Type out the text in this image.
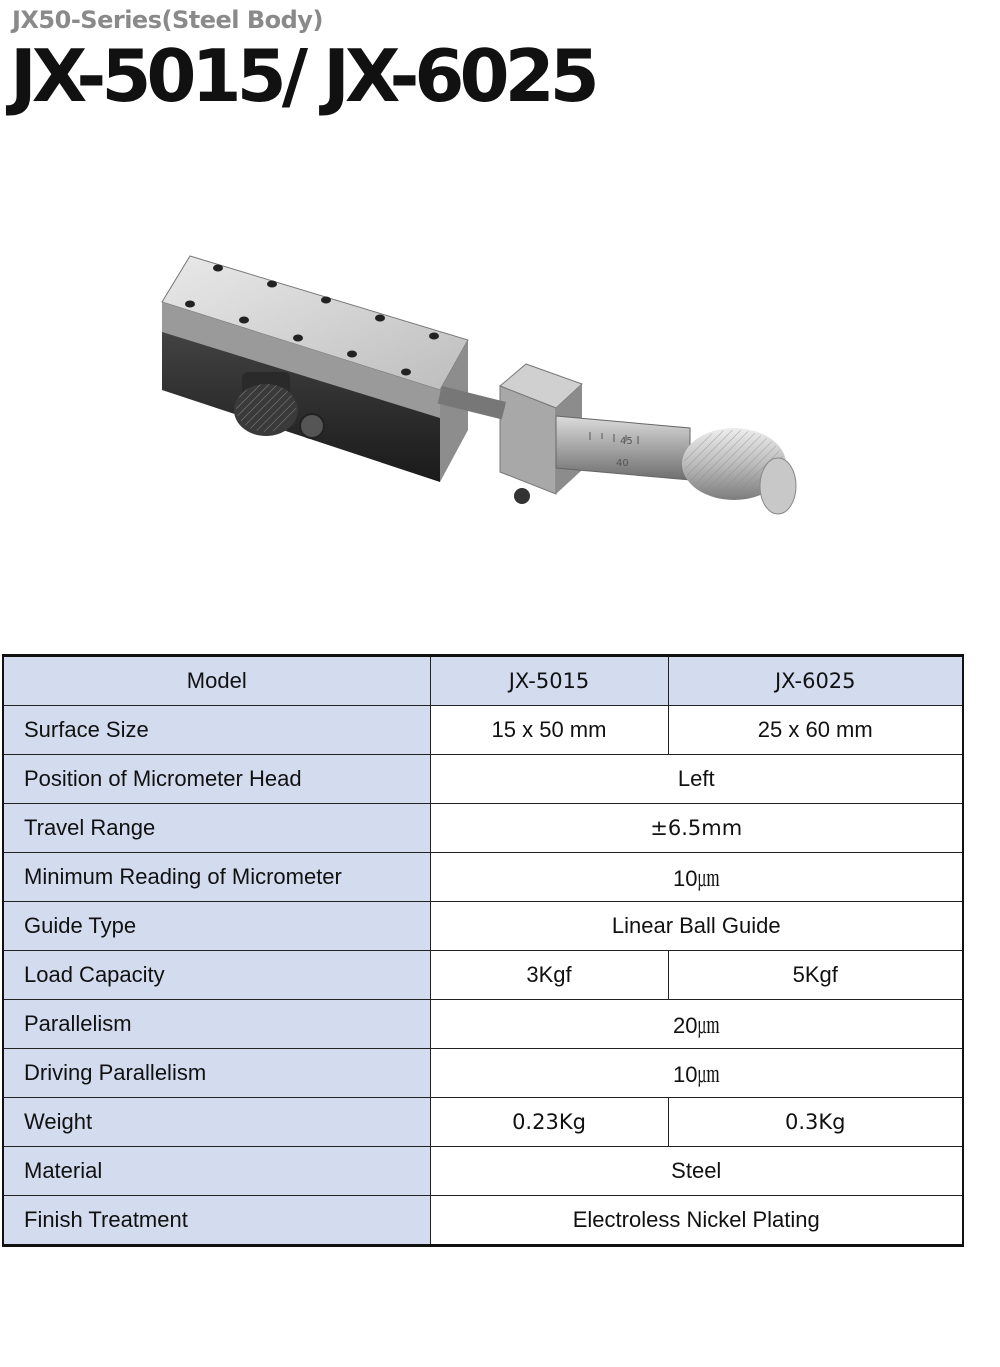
JX50-Series(Steel Body)
JX-5015/ JX-6025
45
40
Model	JX-5015	JX-6025
Surface Size	15 x 50 mm	25 x 60 mm
Position of Micrometer Head	Left	
Travel Range	±6.5mm	
Minimum Reading of Micrometer	10㎛	
Guide Type	Linear Ball Guide	
Load Capacity	3Kgf	5Kgf
Parallelism	20㎛	
Driving Parallelism	10㎛	
Weight	0.23Kg	0.3Kg
Material	Steel	
Finish Treatment	Electroless Nickel Plating	
